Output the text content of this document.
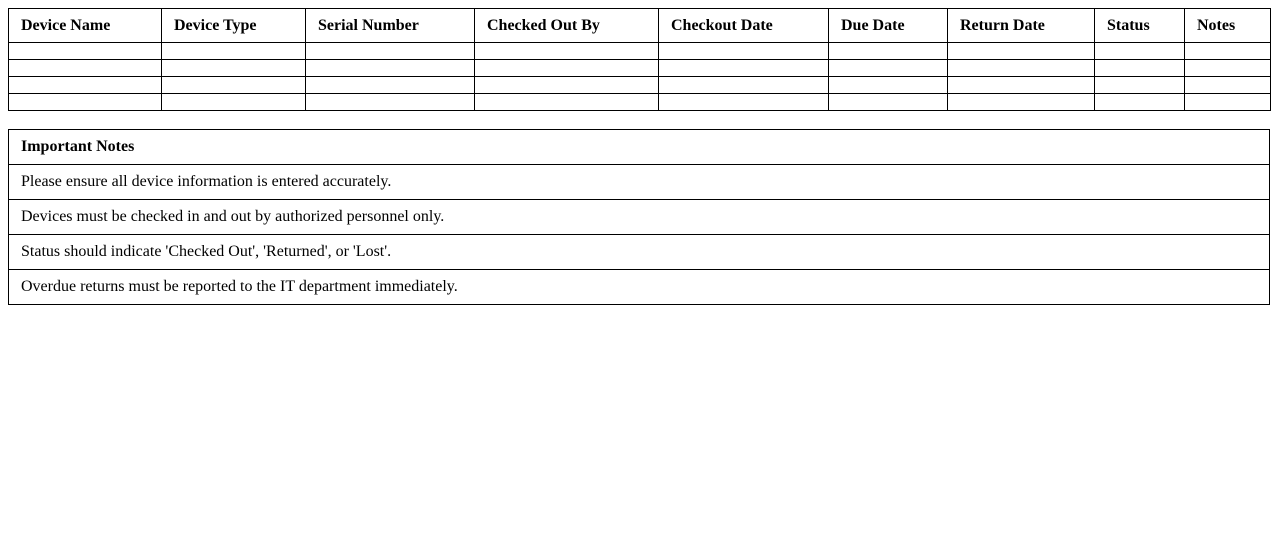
Device Name	Device Type	Serial Number	Checked Out By	Checkout Date	Due Date	Return Date	Status	Notes

Important Notes
Please ensure all device information is entered accurately.
Devices must be checked in and out by authorized personnel only.
Status should indicate 'Checked Out', 'Returned', or 'Lost'.
Overdue returns must be reported to the IT department immediately.
